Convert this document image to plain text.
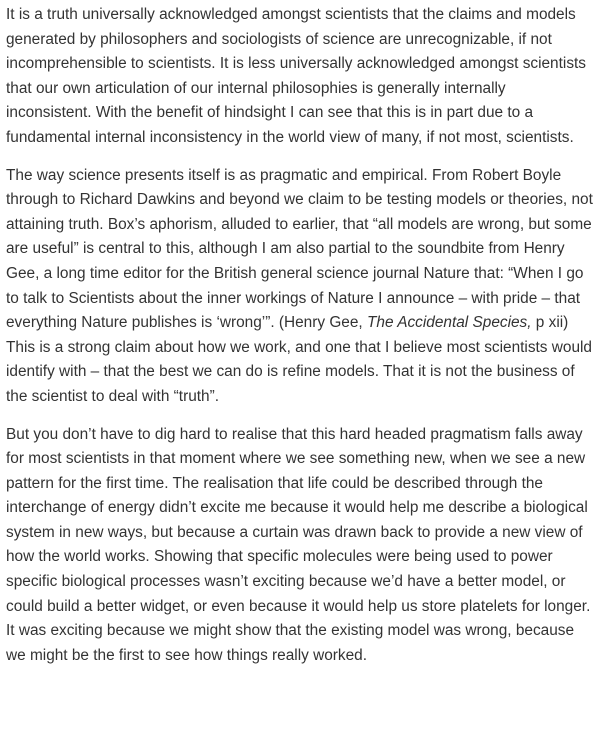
It is a truth universally acknowledged amongst scientists that the claims and models
generated by philosophers and sociologists of science are unrecognizable, if not
incomprehensible to scientists. It is less universally acknowledged amongst scientists
that our own articulation of our internal philosophies is generally internally
inconsistent. With the benefit of hindsight I can see that this is in part due to a
fundamental internal inconsistency in the world view of many, if not most, scientists.

The way science presents itself is as pragmatic and empirical. From Robert Boyle
through to Richard Dawkins and beyond we claim to be testing models or theories, not
attaining truth. Box’s aphorism, alluded to earlier, that “all models are wrong, but some
are useful” is central to this, although I am also partial to the soundbite from Henry
Gee, a long time editor for the British general science journal Nature that: “When I go
to talk to Scientists about the inner workings of Nature I announce – with pride – that
everything Nature publishes is ‘wrong’”. (Henry Gee, The Accidental Species, p xii)
This is a strong claim about how we work, and one that I believe most scientists would
identify with – that the best we can do is refine models. That it is not the business of
the scientist to deal with “truth”.

But you don’t have to dig hard to realise that this hard headed pragmatism falls away
for most scientists in that moment where we see something new, when we see a new
pattern for the first time. The realisation that life could be described through the
interchange of energy didn’t excite me because it would help me describe a biological
system in new ways, but because a curtain was drawn back to provide a new view of
how the world works. Showing that specific molecules were being used to power
specific biological processes wasn’t exciting because we’d have a better model, or
could build a better widget, or even because it would help us store platelets for longer.
It was exciting because we might show that the existing model was wrong, because
we might be the first to see how things really worked.
